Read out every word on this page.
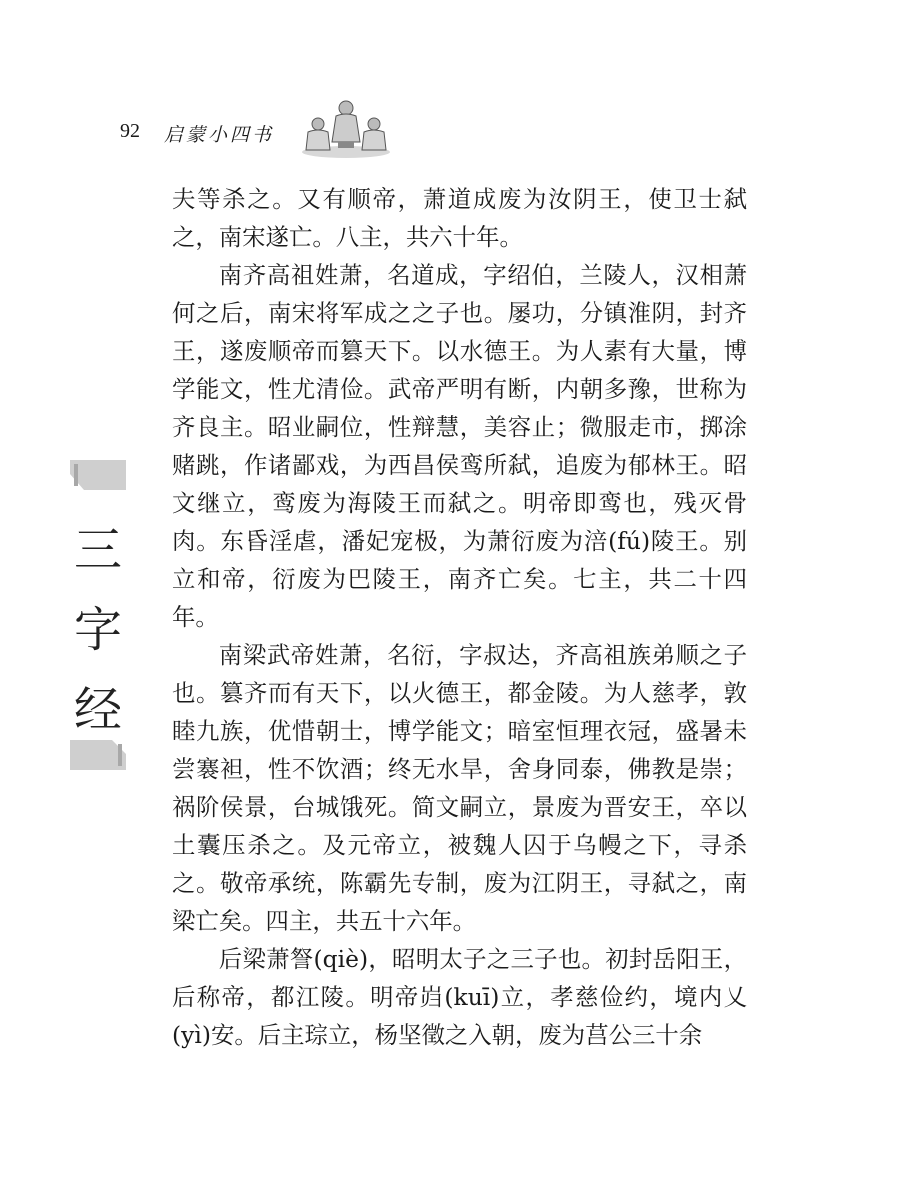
92 启蒙小四书
三
字
经

夫等杀之。又有顺帝，萧道成废为汝阴王，使卫士弑之，南宋遂亡。八主，共六十年。

南齐高祖姓萧，名道成，字绍伯，兰陵人，汉相萧何之后，南宋将军成之之子也。屡功，分镇淮阴，封齐王，遂废顺帝而篡天下。以水德王。为人素有大量，博学能文，性尤清俭。武帝严明有断，内朝多豫，世称为齐良主。昭业嗣位，性辩慧，美容止；微服走市，掷涂赌跳，作诸鄙戏，为西昌侯鸾所弑，追废为郁林王。昭文继立，鸾废为海陵王而弑之。明帝即鸾也，残灭骨肉。东昏淫虐，潘妃宠极，为萧衍废为涪(fú)陵王。别立和帝，衍废为巴陵王，南齐亡矣。七主，共二十四年。

南梁武帝姓萧，名衍，字叔达，齐高祖族弟顺之子也。篡齐而有天下，以火德王，都金陵。为人慈孝，敦睦九族，优惜朝士，博学能文；暗室恒理衣冠，盛暑未尝褰袒，性不饮酒；终无水旱，舍身同泰，佛教是崇；祸阶侯景，台城饿死。简文嗣立，景废为晋安王，卒以土囊压杀之。及元帝立，被魏人囚于乌幔之下，寻杀之。敬帝承统，陈霸先专制，废为江阴王，寻弑之，南梁亡矣。四主，共五十六年。

后梁萧詧(qiè)，昭明太子之三子也。初封岳阳王，后称帝，都江陵。明帝岿(kuī)立，孝慈俭约，境内乂(yì)安。后主琮立，杨坚徵之入朝，废为莒公三十余
